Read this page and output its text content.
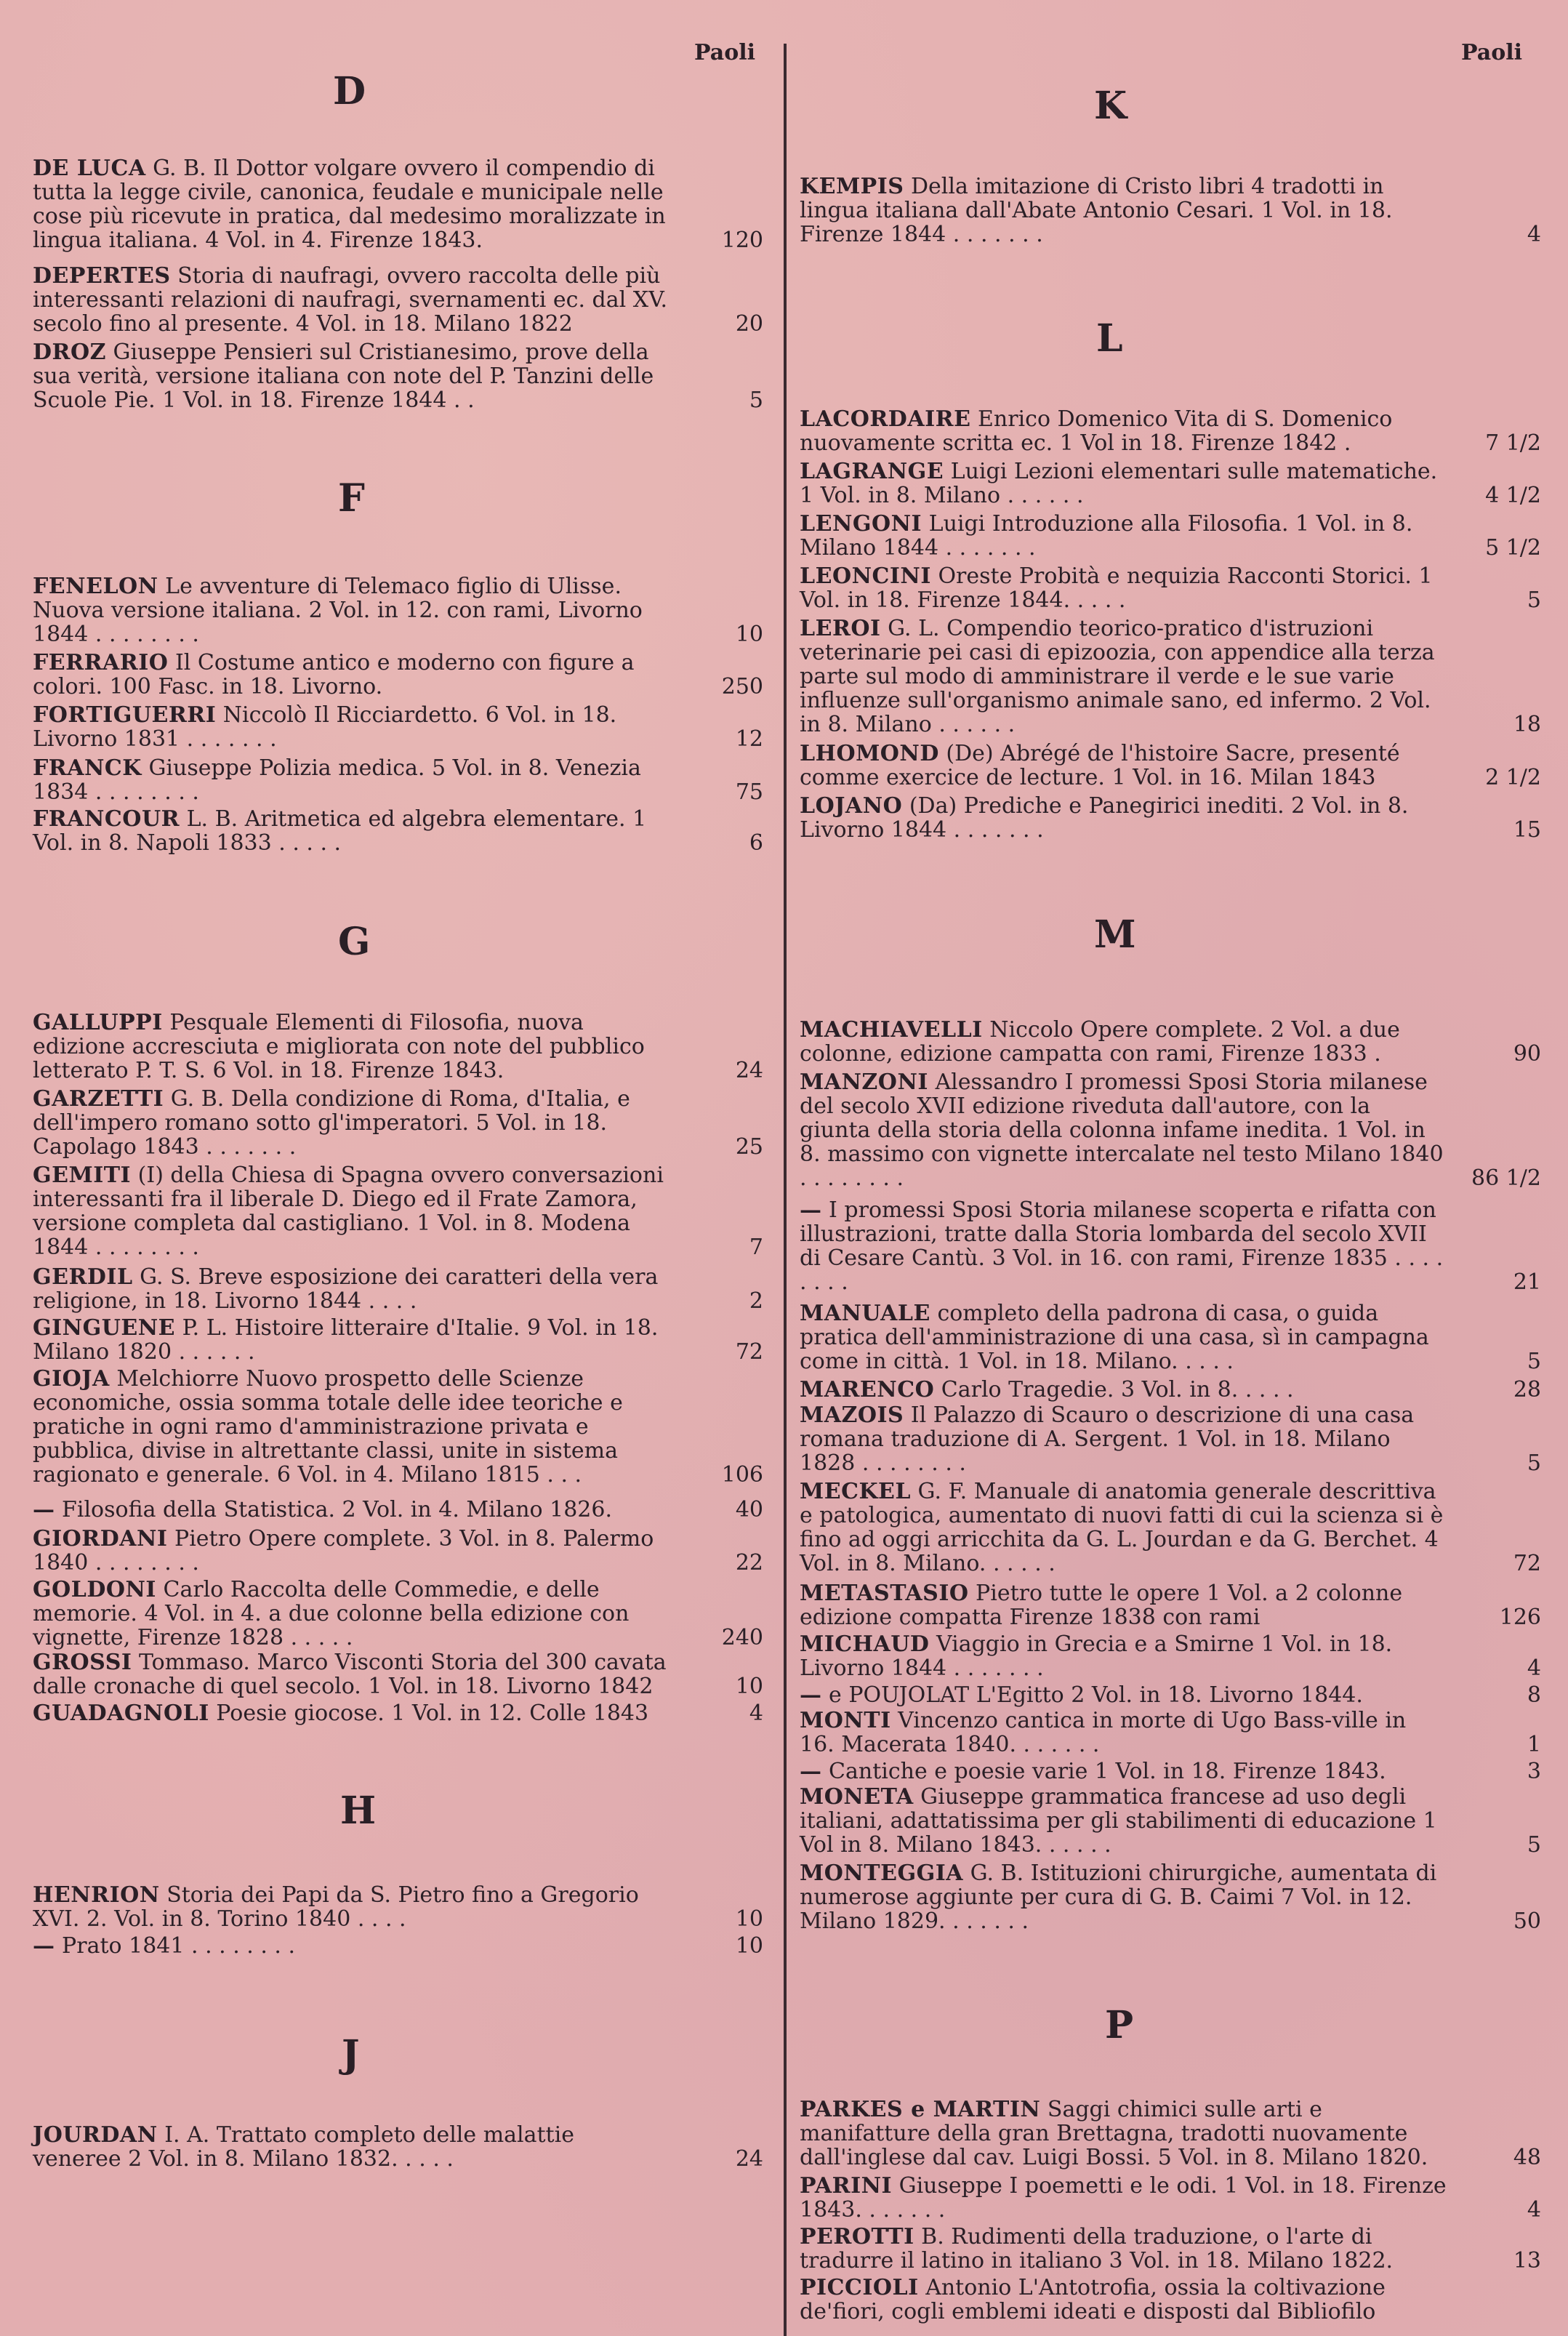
Paoli
D
DE LUCA G. B. Il Dottor volgare ovvero il compendio di tutta la legge civile, canonica, feudale e municipale nelle cose più ricevute in pratica, dal medesimo moralizzate in lingua italiana. 4 Vol. in 4. Firenze 1843.	120
DEPERTES Storia di naufragi, ovvero raccolta delle più interessanti relazioni di naufragi, svernamenti ec. dal XV. secolo fino al presente. 4 Vol. in 18. Milano 1822	20
DROZ Giuseppe Pensieri sul Cristianesimo, prove della sua verità, versione italiana con note del P. Tanzini delle Scuole Pie. 1 Vol. in 18. Firenze 1844 . .	5
F
FENELON Le avventure di Telemaco figlio di Ulisse. Nuova versione italiana. 2 Vol. in 12. con rami, Livorno 1844 . . . . . . . .	10
FERRARIO Il Costume antico e moderno con figure a colori. 100 Fasc. in 18. Livorno.	250
FORTIGUERRI Niccolò Il Ricciardetto. 6 Vol. in 18. Livorno 1831 . . . . . . .	12
FRANCK Giuseppe Polizia medica. 5 Vol. in 8. Venezia 1834 . . . . . . . .	75
FRANCOUR L. B. Aritmetica ed algebra elementare. 1 Vol. in 8. Napoli 1833 . . . . .	6
G
GALLUPPI Pesquale Elementi di Filosofia, nuova edizione accresciuta e migliorata con note del pubblico letterato P. T. S. 6 Vol. in 18. Firenze 1843.	24
GARZETTI G. B. Della condizione di Roma, d'Italia, e dell'impero romano sotto gl'imperatori. 5 Vol. in 18. Capolago 1843 . . . . . . .	25
GEMITI (I) della Chiesa di Spagna ovvero conversazioni interessanti fra il liberale D. Diego ed il Frate Zamora, versione completa dal castigliano. 1 Vol. in 8. Modena 1844 . . . . . . . .	7
GERDIL G. S. Breve esposizione dei caratteri della vera religione, in 18. Livorno 1844 . . . .	2
GINGUENE P. L. Histoire litteraire d'Italie. 9 Vol. in 18. Milano 1820 . . . . . .	72
GIOJA Melchiorre Nuovo prospetto delle Scienze economiche, ossia somma totale delle idee teoriche e pratiche in ogni ramo d'amministrazione privata e pubblica, divise in altrettante classi, unite in sistema ragionato e generale. 6 Vol. in 4. Milano 1815 . . .	106
— Filosofia della Statistica. 2 Vol. in 4. Milano 1826.	40
GIORDANI Pietro Opere complete. 3 Vol. in 8. Palermo 1840 . . . . . . . .	22
GOLDONI Carlo Raccolta delle Commedie, e delle memorie. 4 Vol. in 4. a due colonne bella edizione con vignette, Firenze 1828 . . . . .	240
GROSSI Tommaso. Marco Visconti Storia del 300 cavata dalle cronache di quel secolo. 1 Vol. in 18. Livorno 1842	10
GUADAGNOLI Poesie giocose. 1 Vol. in 12. Colle 1843	4
H
HENRION Storia dei Papi da S. Pietro fino a Gregorio XVI. 2. Vol. in 8. Torino 1840 . . . .	10
— Prato 1841 . . . . . . . .	10
J
JOURDAN I. A. Trattato completo delle malattie veneree 2 Vol. in 8. Milano 1832. . . . .	24
Paoli
K
KEMPIS Della imitazione di Cristo libri 4 tradotti in lingua italiana dall'Abate Antonio Cesari. 1 Vol. in 18. Firenze 1844 . . . . . . .	4
L
LACORDAIRE Enrico Domenico Vita di S. Domenico nuovamente scritta ec. 1 Vol in 18. Firenze 1842 .	7 1/2
LAGRANGE Luigi Lezioni elementari sulle matematiche. 1 Vol. in 8. Milano . . . . . .	4 1/2
LENGONI Luigi Introduzione alla Filosofia. 1 Vol. in 8. Milano 1844 . . . . . . .	5 1/2
LEONCINI Oreste Probità e nequizia Racconti Storici. 1 Vol. in 18. Firenze 1844. . . . .	5
LEROI G. L. Compendio teorico-pratico d'istruzioni veterinarie pei casi di epizoozia, con appendice alla terza parte sul modo di amministrare il verde e le sue varie influenze sull'organismo animale sano, ed infermo. 2 Vol. in 8. Milano . . . . . .	18
LHOMOND (De) Abrégé de l'histoire Sacre, presenté comme exercice de lecture. 1 Vol. in 16. Milan 1843	2 1/2
LOJANO (Da) Prediche e Panegirici inediti. 2 Vol. in 8. Livorno 1844 . . . . . . .	15
M
MACHIAVELLI Niccolo Opere complete. 2 Vol. a due colonne, edizione campatta con rami, Firenze 1833 .	90
MANZONI Alessandro I promessi Sposi Storia milanese del secolo XVII edizione riveduta dall'autore, con la giunta della storia della colonna infame inedita. 1 Vol. in 8. massimo con vignette intercalate nel testo Milano 1840 . . . . . . . .	86 1/2
— I promessi Sposi Storia milanese scoperta e rifatta con illustrazioni, tratte dalla Storia lombarda del secolo XVII di Cesare Cantù. 3 Vol. in 16. con rami, Firenze 1835 . . . . . . . .	21
MANUALE completo della padrona di casa, o guida pratica dell'amministrazione di una casa, sì in campagna come in città. 1 Vol. in 18. Milano. . . . .	5
MARENCO Carlo Tragedie. 3 Vol. in 8. . . . .	28
MAZOIS Il Palazzo di Scauro o descrizione di una casa romana traduzione di A. Sergent. 1 Vol. in 18. Milano 1828 . . . . . . . .	5
MECKEL G. F. Manuale di anatomia generale descrittiva e patologica, aumentato di nuovi fatti di cui la scienza si è fino ad oggi arricchita da G. L. Jourdan e da G. Berchet. 4 Vol. in 8. Milano. . . . . .	72
METASTASIO Pietro tutte le opere 1 Vol. a 2 colonne edizione compatta Firenze 1838 con rami	126
MICHAUD Viaggio in Grecia e a Smirne 1 Vol. in 18. Livorno 1844 . . . . . . .	4
— e POUJOLAT L'Egitto 2 Vol. in 18. Livorno 1844.	8
MONTI Vincenzo cantica in morte di Ugo Bass-ville in 16. Macerata 1840. . . . . . .	1
— Cantiche e poesie varie 1 Vol. in 18. Firenze 1843.	3
MONETA Giuseppe grammatica francese ad uso degli italiani, adattatissima per gli stabilimenti di educazione 1 Vol in 8. Milano 1843. . . . . .	5
MONTEGGIA G. B. Istituzioni chirurgiche, aumentata di numerose aggiunte per cura di G. B. Caimi 7 Vol. in 12. Milano 1829. . . . . . .	50
P
PARKES e MARTIN Saggi chimici sulle arti e manifatture della gran Brettagna, tradotti nuovamente dall'inglese dal cav. Luigi Bossi. 5 Vol. in 8. Milano 1820.	48
PARINI Giuseppe I poemetti e le odi. 1 Vol. in 18. Firenze 1843. . . . . . .	4
PEROTTI B. Rudimenti della traduzione, o l'arte di tradurre il latino in italiano 3 Vol. in 18. Milano 1822.	13
PICCIOLI Antonio L'Antotrofia, ossia la coltivazione de'fiori, cogli emblemi ideati e disposti dal Bibliofilo
